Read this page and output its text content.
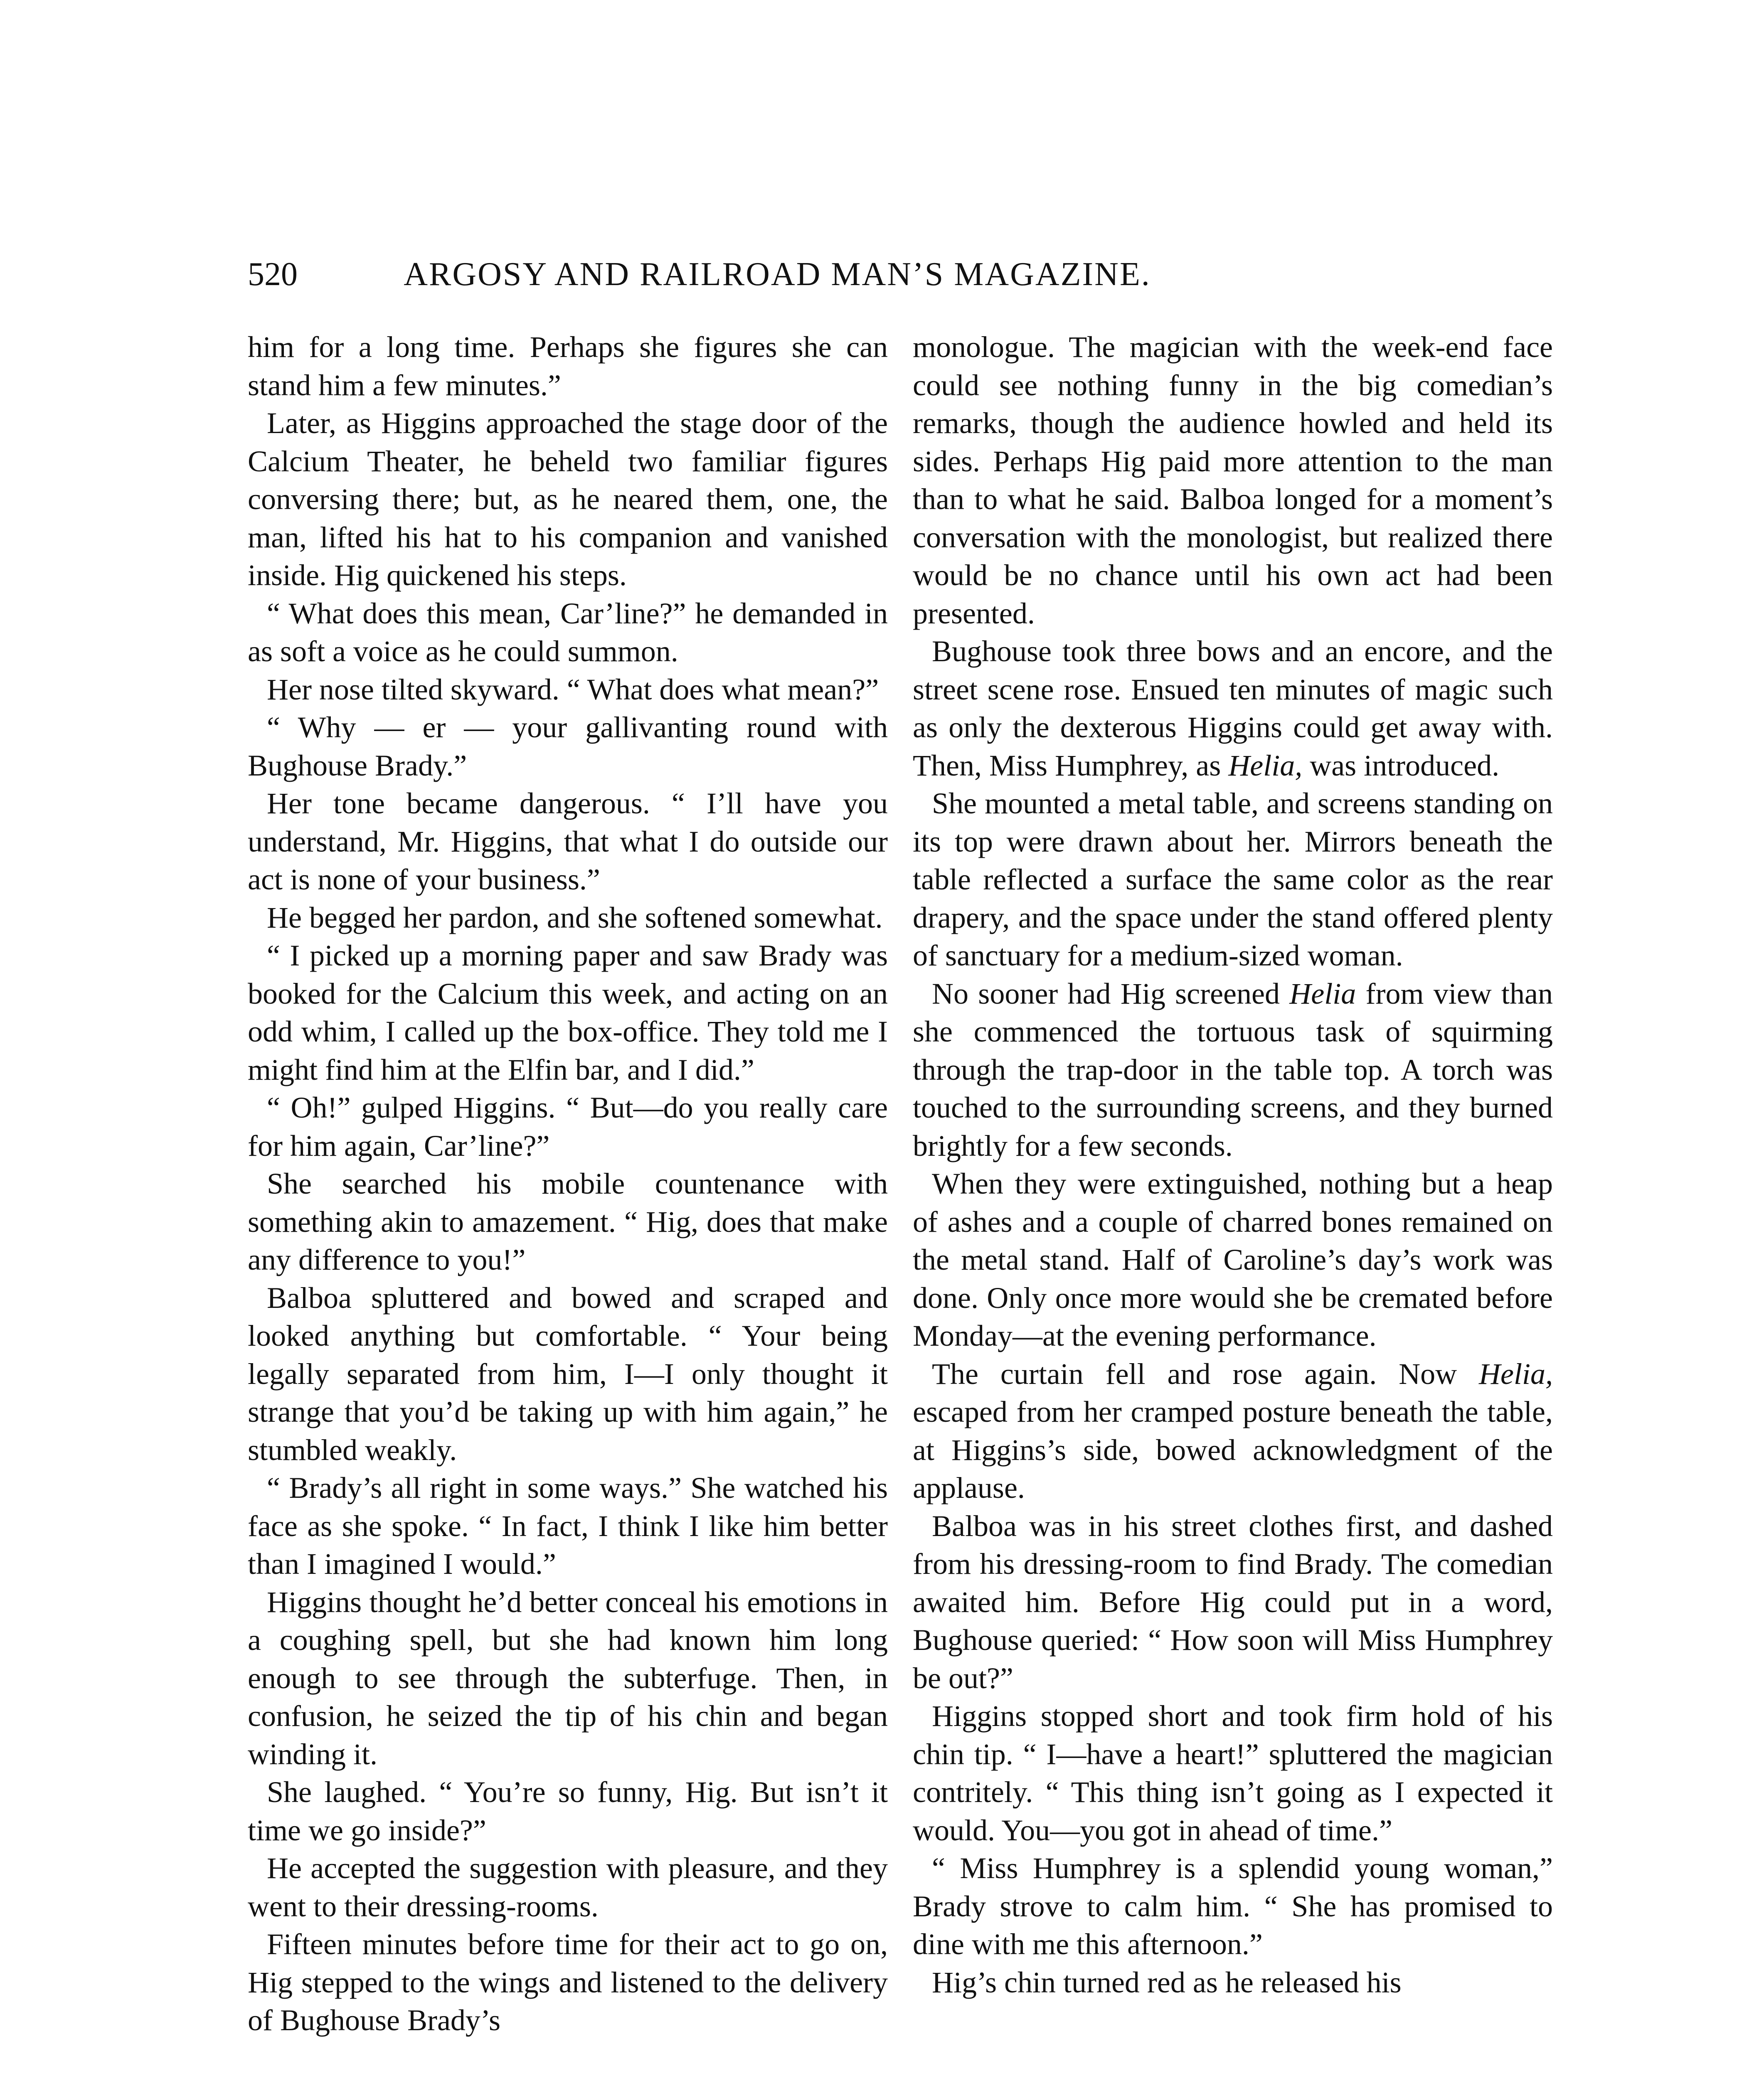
520	ARGOSY AND RAILROAD MAN’S MAGAZINE.

him for a long time. Perhaps she figures she can stand him a few minutes.”

Later, as Higgins approached the stage door of the Calcium Theater, he beheld two familiar figures conversing there; but, as he neared them, one, the man, lifted his hat to his companion and vanished inside. Hig quickened his steps.

“ What does this mean, Car’line?” he demanded in as soft a voice as he could summon.

Her nose tilted skyward. “ What does what mean?”

“ Why — er — your gallivanting round with Bughouse Brady.”

Her tone became dangerous. “ I’ll have you understand, Mr. Higgins, that what I do outside our act is none of your business.”

He begged her pardon, and she softened somewhat.

“ I picked up a morning paper and saw Brady was booked for the Calcium this week, and acting on an odd whim, I called up the box-office. They told me I might find him at the Elfin bar, and I did.”

“ Oh!” gulped Higgins. “ But—do you really care for him again, Car’line?”

She searched his mobile countenance with something akin to amazement. “ Hig, does that make any difference to you!”

Balboa spluttered and bowed and scraped and looked anything but comfortable. “ Your being legally separated from him, I—I only thought it strange that you’d be taking up with him again,” he stumbled weakly.

“ Brady’s all right in some ways.” She watched his face as she spoke. “ In fact, I think I like him better than I imagined I would.”

Higgins thought he’d better conceal his emotions in a coughing spell, but she had known him long enough to see through the subterfuge. Then, in confusion, he seized the tip of his chin and began winding it.

She laughed. “ You’re so funny, Hig. But isn’t it time we go inside?”

He accepted the suggestion with pleasure, and they went to their dressing-rooms.

Fifteen minutes before time for their act to go on, Hig stepped to the wings and listened to the delivery of Bughouse Brady’s

monologue. The magician with the week-end face could see nothing funny in the big comedian’s remarks, though the audience howled and held its sides. Perhaps Hig paid more attention to the man than to what he said. Balboa longed for a moment’s conversation with the monologist, but realized there would be no chance until his own act had been presented.

Bughouse took three bows and an encore, and the street scene rose. Ensued ten minutes of magic such as only the dexterous Higgins could get away with. Then, Miss Humphrey, as Helia, was introduced.

She mounted a metal table, and screens standing on its top were drawn about her. Mirrors beneath the table reflected a surface the same color as the rear drapery, and the space under the stand offered plenty of sanctuary for a medium-sized woman.

No sooner had Hig screened Helia from view than she commenced the tortuous task of squirming through the trap-door in the table top. A torch was touched to the surrounding screens, and they burned brightly for a few seconds.

When they were extinguished, nothing but a heap of ashes and a couple of charred bones remained on the metal stand. Half of Caroline’s day’s work was done. Only once more would she be cremated before Monday—at the evening performance.

The curtain fell and rose again. Now Helia, escaped from her cramped posture beneath the table, at Higgins’s side, bowed acknowledgment of the applause.

Balboa was in his street clothes first, and dashed from his dressing-room to find Brady. The comedian awaited him. Before Hig could put in a word, Bughouse queried: “ How soon will Miss Humphrey be out?”

Higgins stopped short and took firm hold of his chin tip. “ I—have a heart!” spluttered the magician contritely. “ This thing isn’t going as I expected it would. You—you got in ahead of time.”

“ Miss Humphrey is a splendid young woman,” Brady strove to calm him. “ She has promised to dine with me this afternoon.”

Hig’s chin turned red as he released his
